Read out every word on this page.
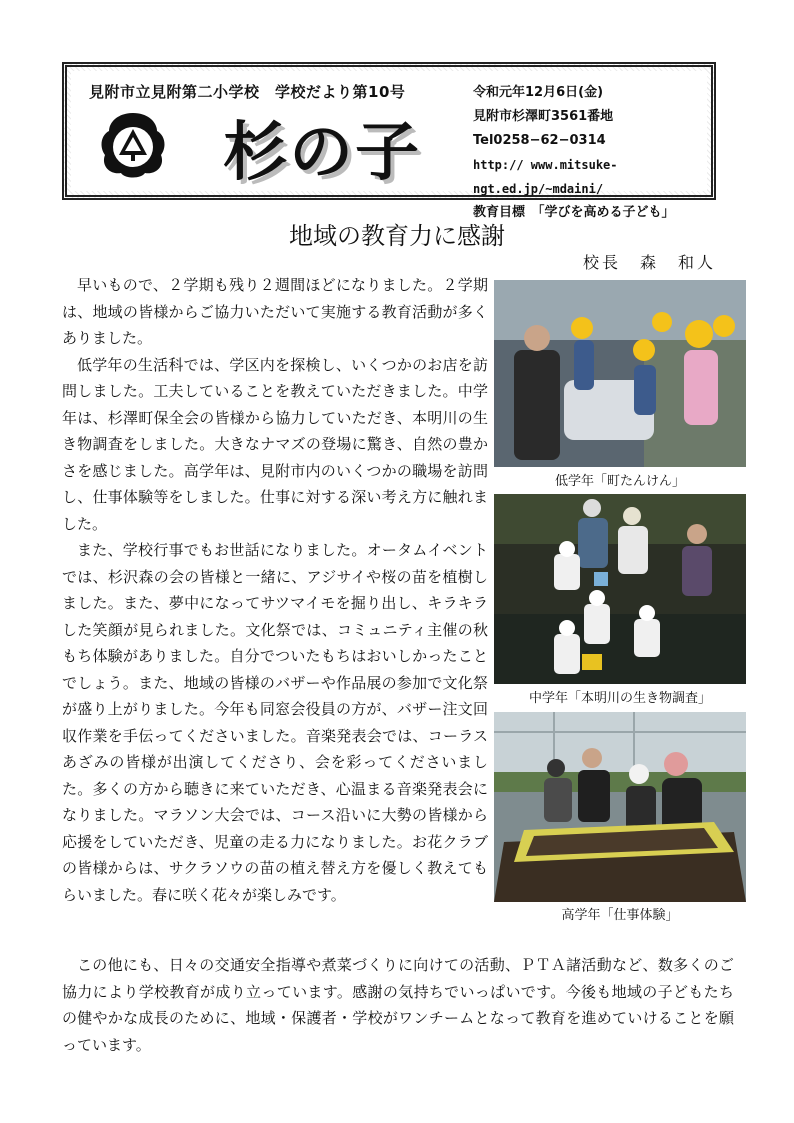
見附市立見附第二小学校　学校だより第10号
杉の子
令和元年12月6日(金)
見附市杉澤町3561番地
Tel0258−62−0314
http:// www.mitsuke-ngt.ed.jp/~mdaini/
教育目標　「学びを高める子ども」
地域の教育力に感謝
校長　森　和人

早いもので、２学期も残り２週間ほどになりました。２学期は、地域の皆様からご協力いただいて実施する教育活動が多くありました。

低学年の生活科では、学区内を探検し、いくつかのお店を訪問しました。工夫していることを教えていただきました。中学年は、杉澤町保全会の皆様から協力していただき、本明川の生き物調査をしました。大きなナマズの登場に驚き、自然の豊かさを感じました。高学年は、見附市内のいくつかの職場を訪問し、仕事体験等をしました。仕事に対する深い考え方に触れました。

また、学校行事でもお世話になりました。オータムイベントでは、杉沢森の会の皆様と一緒に、アジサイや桜の苗を植樹しました。また、夢中になってサツマイモを掘り出し、キラキラした笑顔が見られました。文化祭では、コミュニティ主催の秋もち体験がありました。自分でついたもちはおいしかったことでしょう。また、地域の皆様のバザーや作品展の参加で文化祭が盛り上がりました。今年も同窓会役員の方が、バザー注文回収作業を手伝ってくださいました。音楽発表会では、コーラスあざみの皆様が出演してくださり、会を彩ってくださいました。多くの方から聴きに来ていただき、心温まる音楽発表会になりました。マラソン大会では、コース沿いに大勢の皆様から応援をしていただき、児童の走る力になりました。お花クラブの皆様からは、サクラソウの苗の植え替え方を優しく教えてもらいました。春に咲く花々が楽しみです。

この他にも、日々の交通安全指導や煮菜づくりに向けての活動、ＰＴＡ諸活動など、数多くのご協力により学校教育が成り立っています。感謝の気持ちでいっぱいです。今後も地域の子どもたちの健やかな成長のために、地域・保護者・学校がワンチームとなって教育を進めていけることを願っています。

低学年「町たんけん」
中学年「本明川の生き物調査」
高学年「仕事体験」
